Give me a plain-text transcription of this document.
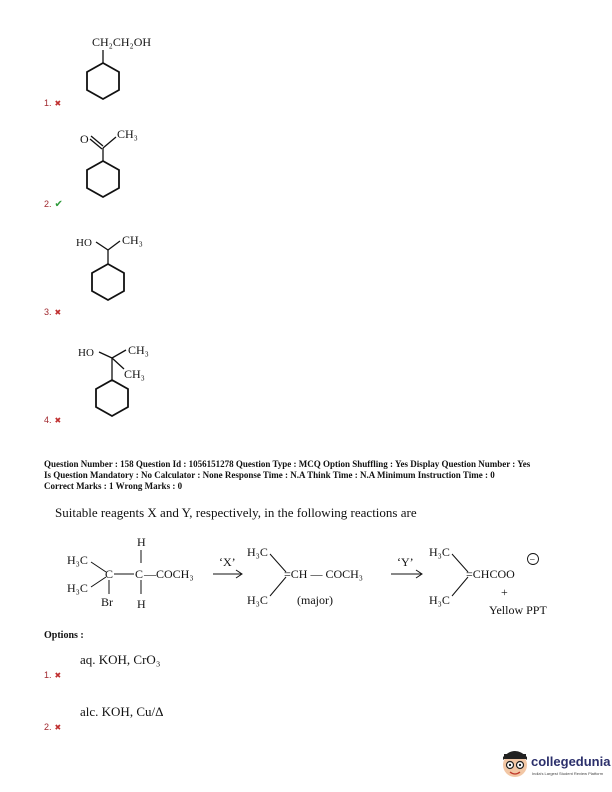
CH₂CH₂OH
1. ✖
O CH₃
2. ✔
HO	CH₃
3. ✖
HO	CH₃
CH₃
4. ✖
Question Number : 158 Question Id : 1056151278 Question Type : MCQ Option Shuffling : Yes Display Question Number : Yes
Is Question Mandatory : No Calculator : None Response Time : N.A Think Time : N.A Minimum Instruction Time : 0
Correct Marks : 1 Wrong Marks : 0
Suitable reagents X and Y, respectively, in the following reactions are
H
H₃C
H₃C
C C —COCH₃
Br H
‘X’
H₃C
H₃C
=CH — COCH₃
(major)
‘Y’
H₃C
H₃C
=CHCOO
−
+
Yellow PPT
Options :
aq. KOH, CrO₃
1. ✖
alc. KOH, Cu/Δ
2. ✖
collegedunia
India's Largest Student Review Platform
